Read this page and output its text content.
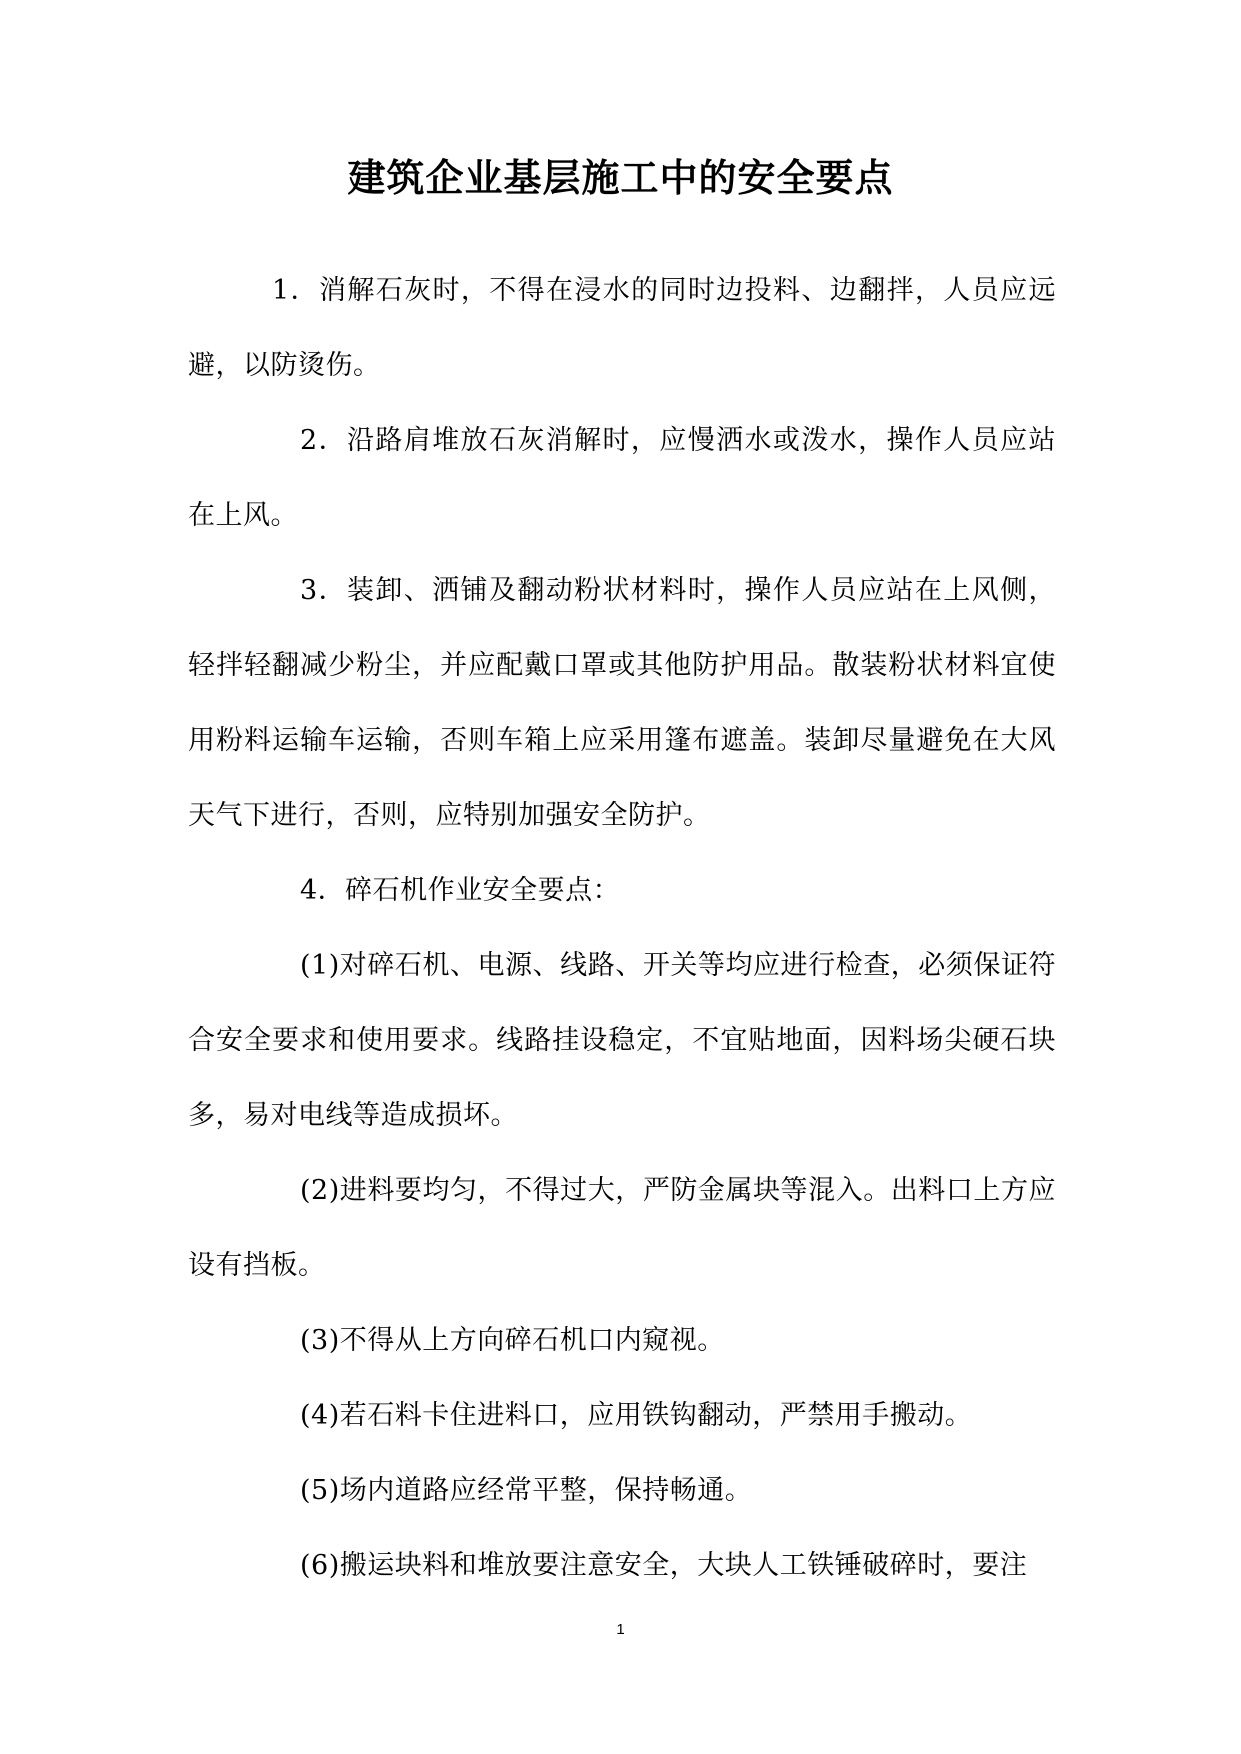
建筑企业基层施工中的安全要点

1．消解石灰时，不得在浸水的同时边投料、边翻拌，人员应远避，以防烫伤。

2．沿路肩堆放石灰消解时，应慢洒水或泼水，操作人员应站在上风。

3．装卸、洒铺及翻动粉状材料时，操作人员应站在上风侧，轻拌轻翻减少粉尘，并应配戴口罩或其他防护用品。散装粉状材料宜使用粉料运输车运输，否则车箱上应采用篷布遮盖。装卸尽量避免在大风天气下进行，否则，应特别加强安全防护。

4．碎石机作业安全要点：

(1)对碎石机、电源、线路、开关等均应进行检查，必须保证符合安全要求和使用要求。线路挂设稳定，不宜贴地面，因料场尖硬石块多，易对电线等造成损坏。

(2)进料要均匀，不得过大，严防金属块等混入。出料口上方应设有挡板。

(3)不得从上方向碎石机口内窥视。

(4)若石料卡住进料口，应用铁钩翻动，严禁用手搬动。

(5)场内道路应经常平整，保持畅通。

(6)搬运块料和堆放要注意安全，大块人工铁锤破碎时，要注

1
